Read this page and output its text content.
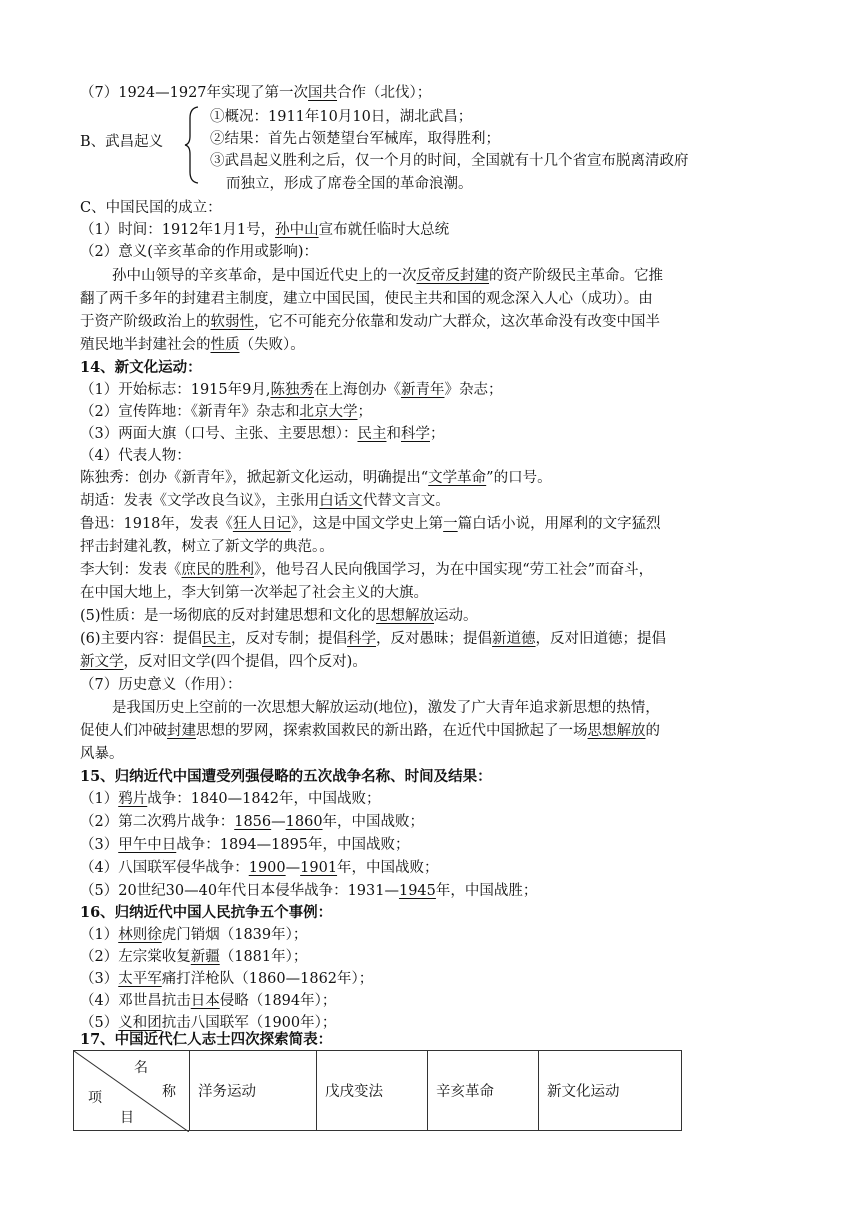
（7）1924—1927年实现了第一次国共合作（北伐）；
B、武昌起义
①概况：1911年10月10日，湖北武昌；
②结果：首先占领楚望台军械库，取得胜利；
③武昌起义胜利之后，仅一个月的时间，全国就有十几个省宣布脱离清政府
而独立，形成了席卷全国的革命浪潮。
C、中国民国的成立：
（1）时间：1912年1月1号，孙中山宣布就任临时大总统
（2）意义(辛亥革命的作用或影响)：
孙中山领导的辛亥革命，是中国近代史上的一次反帝反封建的资产阶级民主革命。它推
翻了两千多年的封建君主制度，建立中国民国，使民主共和国的观念深入人心（成功）。由
于资产阶级政治上的软弱性，它不可能充分依靠和发动广大群众，这次革命没有改变中国半
殖民地半封建社会的性质（失败）。
14、新文化运动：
（1）开始标志：1915年9月,陈独秀在上海创办《新青年》杂志；
（2）宣传阵地：《新青年》杂志和北京大学；
（3）两面大旗（口号、主张、主要思想）：民主和科学；
（4）代表人物：
陈独秀：创办《新青年》，掀起新文化运动，明确提出“文学革命”的口号。
胡适：发表《文学改良刍议》，主张用白话文代替文言文。
鲁迅：1918年，发表《狂人日记》，这是中国文学史上第一篇白话小说，用犀利的文字猛烈
抨击封建礼教，树立了新文学的典范。。
李大钊：发表《庶民的胜利》，他号召人民向俄国学习，为在中国实现“劳工社会”而奋斗，
在中国大地上，李大钊第一次举起了社会主义的大旗。
(5)性质：是一场彻底的反对封建思想和文化的思想解放运动。
(6)主要内容：提倡民主，反对专制；提倡科学，反对愚昧；提倡新道德，反对旧道德；提倡
新文学，反对旧文学(四个提倡，四个反对)。
（7）历史意义（作用）：
是我国历史上空前的一次思想大解放运动(地位)，激发了广大青年追求新思想的热情，
促使人们冲破封建思想的罗网，探索救国救民的新出路，在近代中国掀起了一场思想解放的
风暴。
15、归纳近代中国遭受列强侵略的五次战争名称、时间及结果：
（1）鸦片战争：1840—1842年，中国战败；
（2）第二次鸦片战争：1856—1860年，中国战败；
（3）甲午中日战争：1894—1895年，中国战败；
（4）八国联军侵华战争：1900—1901年，中国战败；
（5）20世纪30—40年代日本侵华战争：1931—1945年，中国战胜；
16、归纳近代中国人民抗争五个事例：
（1）林则徐虎门销烟（1839年）；
（2）左宗棠收复新疆（1881年）；
（3）太平军痛打洋枪队（1860—1862年）；
（4）邓世昌抗击日本侵略（1894年）；
（5）义和团抗击八国联军（1900年）；
17、中国近代仁人志士四次探索简表：
名
称
项
目
	洋务运动	戊戌变法	辛亥革命	新文化运动
